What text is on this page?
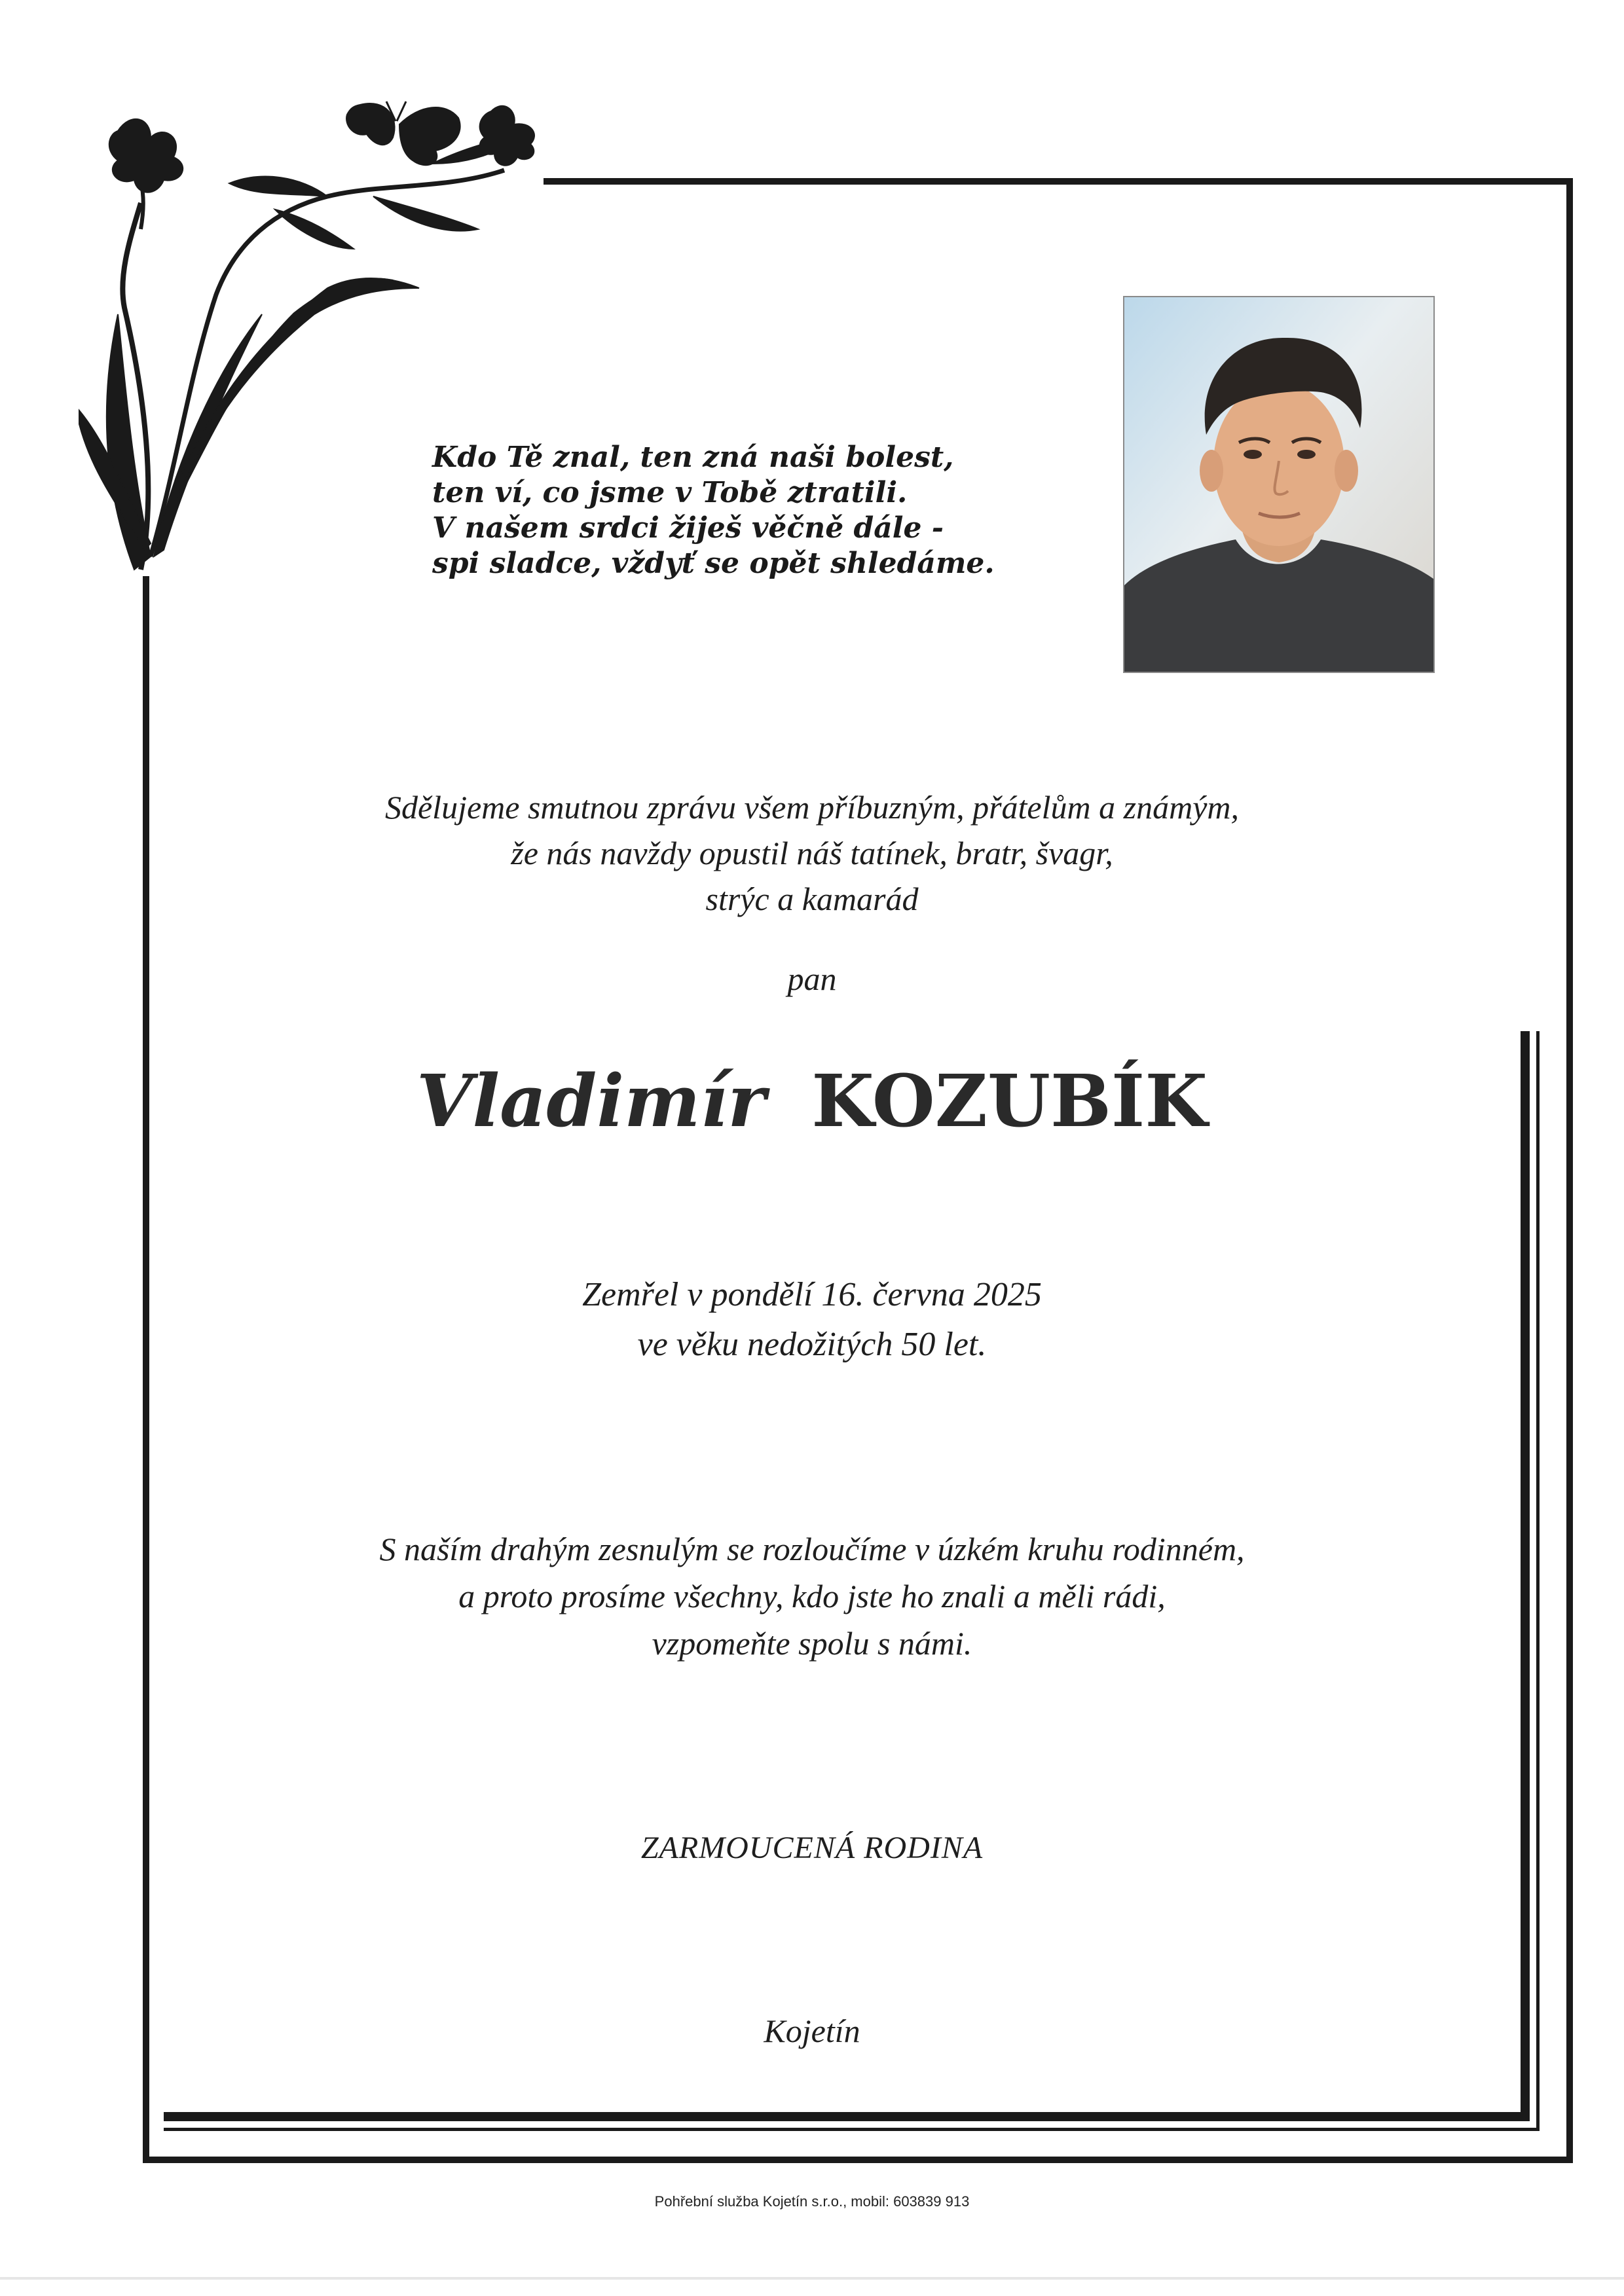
Kdo Tě znal, ten zná naši bolest,
ten ví, co jsme v Tobě ztratili.
V našem srdci žiješ věčně dále -
spi sladce, vždyť se opět shledáme.
Sdělujeme smutnou zprávu všem příbuzným, přátelům a známým,
že nás navždy opustil náš tatínek, bratr, švagr,
strýc a kamarád
pan
Vladimír KOZUBÍK
Zemřel v pondělí 16. června 2025
ve věku nedožitých 50 let.
S naším drahým zesnulým se rozloučíme v úzkém kruhu rodinném,
a proto prosíme všechny, kdo jste ho znali a měli rádi,
vzpomeňte spolu s námi.
ZARMOUCENÁ RODINA
Kojetín
Pohřební služba Kojetín s.r.o., mobil: 603839 913
